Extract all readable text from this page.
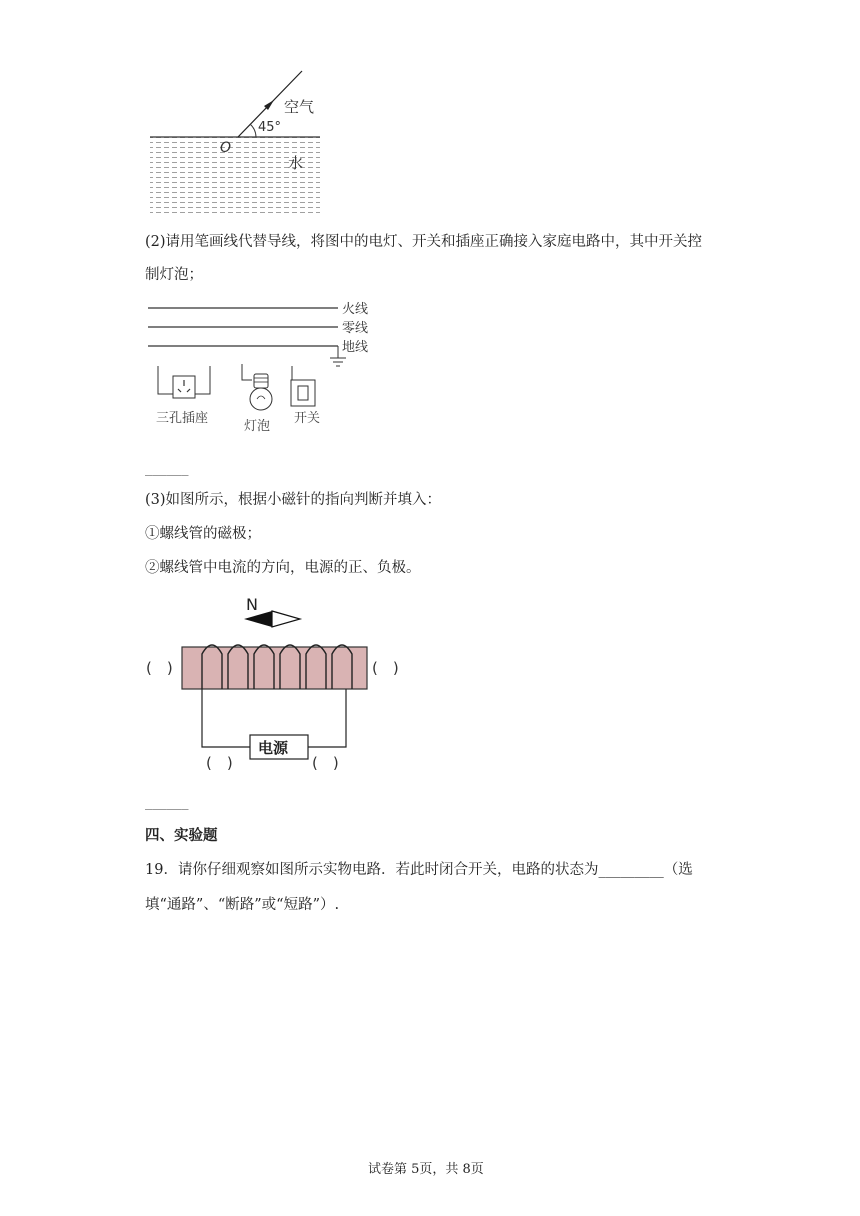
45°
O
空气
水
(2)请用笔画线代替导线，将图中的电灯、开关和插座正确接入家庭电路中，其中开关控
制灯泡；
火线
零线
地线
三孔插座
灯泡
开关
______
(3)如图所示，根据小磁针的指向判断并填入：
①螺线管的磁极；
②螺线管中电流的方向，电源的正、负极。
N
电源
(　)	(　)
(　)	(　)
______
四、实验题
19．请你仔细观察如图所示实物电路．若此时闭合开关，电路的状态为_________（选
填“通路”、“断路”或“短路”）.
试卷第 5页，共 8页
